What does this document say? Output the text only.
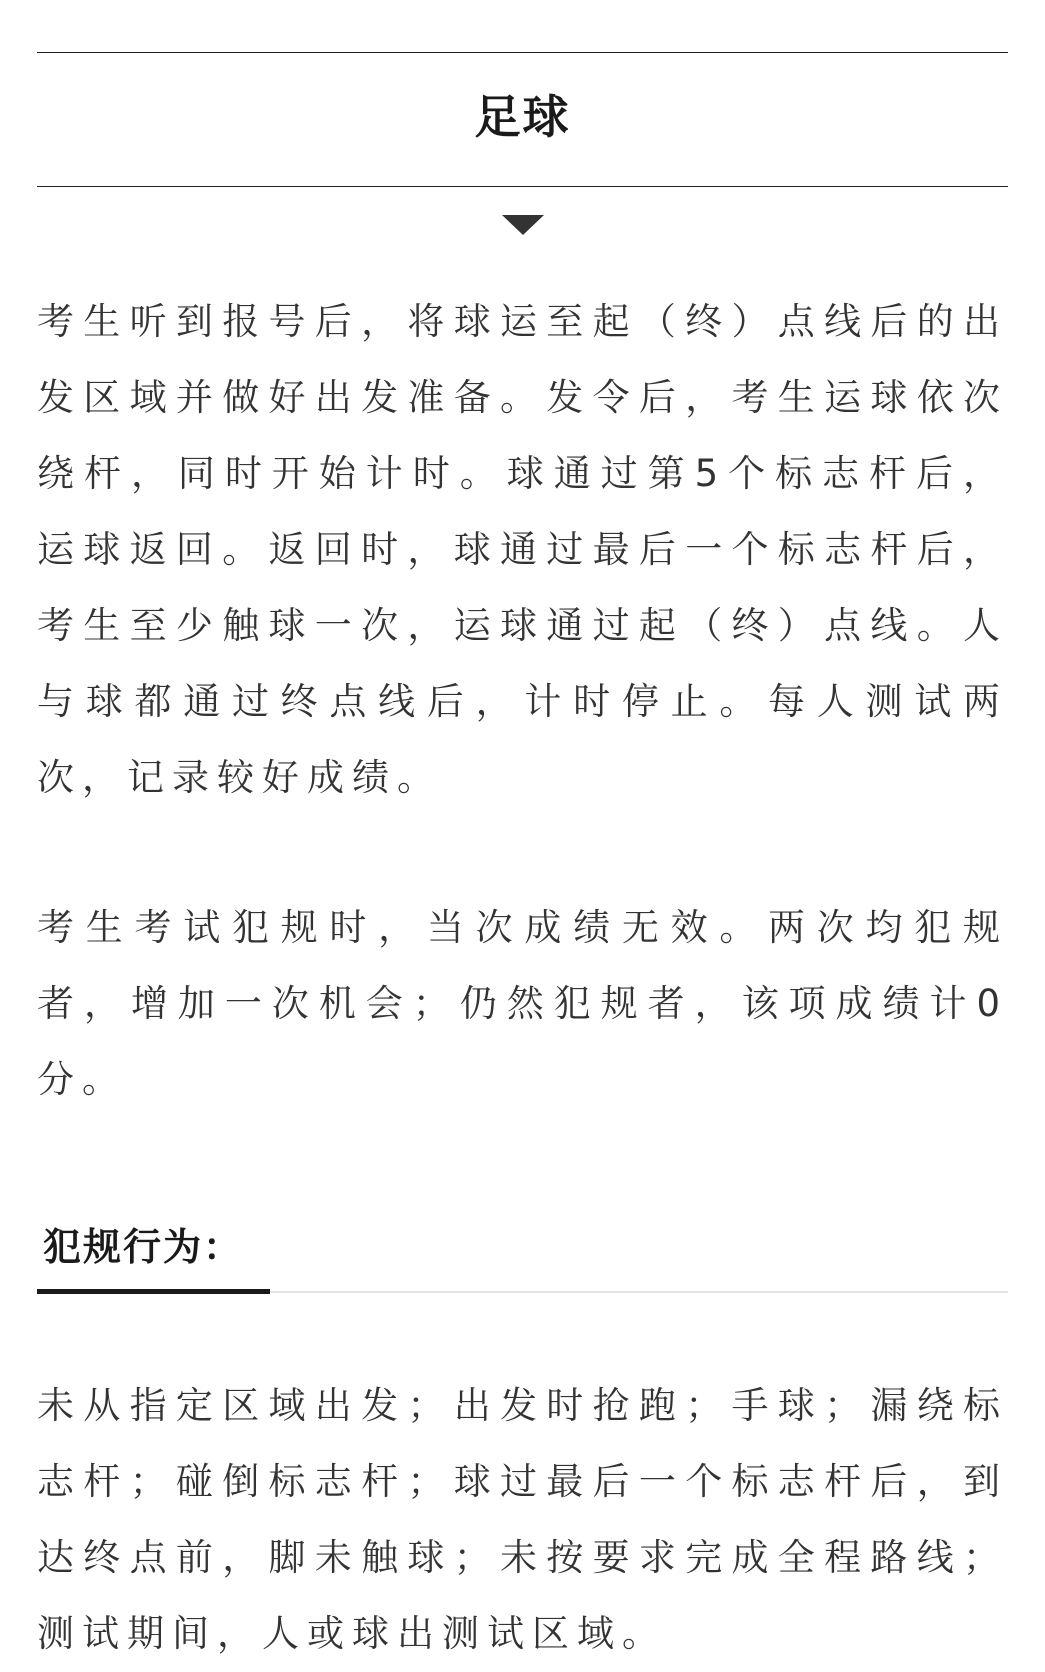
足球

考生听到报号后，将球运至起（终）点线后的出发区域并做好出发准备。发令后，考生运球依次绕杆，同时开始计时。球通过第5个标志杆后，运球返回。返回时，球通过最后一个标志杆后，考生至少触球一次，运球通过起（终）点线。人与球都通过终点线后，计时停止。每人测试两次，记录较好成绩。

考生考试犯规时，当次成绩无效。两次均犯规者，增加一次机会；仍然犯规者，该项成绩计0分。

犯规行为：

未从指定区域出发；出发时抢跑；手球；漏绕标志杆；碰倒标志杆；球过最后一个标志杆后，到达终点前，脚未触球；未按要求完成全程路线；测试期间，人或球出测试区域。
